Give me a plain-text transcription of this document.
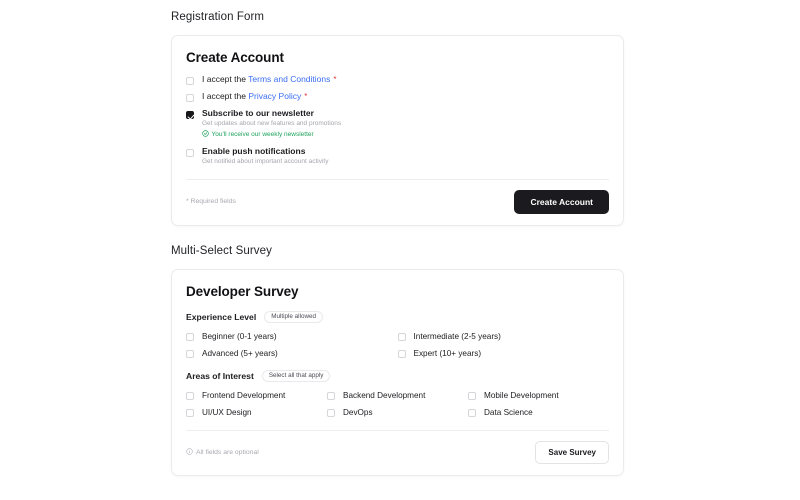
Registration Form
Create Account
I accept the Terms and Conditions *
I accept the Privacy Policy *
Subscribe to our newsletter
Get updates about new features and promotions
You'll receive our weekly newsletter
Enable push notifications
Get notified about important account activity
* Required fields	Create Account
Multi-Select Survey
Developer Survey
Experience Level	Multiple allowed
Beginner (0-1 years)	Intermediate (2-5 years)
Advanced (5+ years)	Expert (10+ years)
Areas of Interest	Select all that apply
Frontend Development	Backend Development	Mobile Development
UI/UX Design	DevOps	Data Science
All fields are optional	Save Survey
